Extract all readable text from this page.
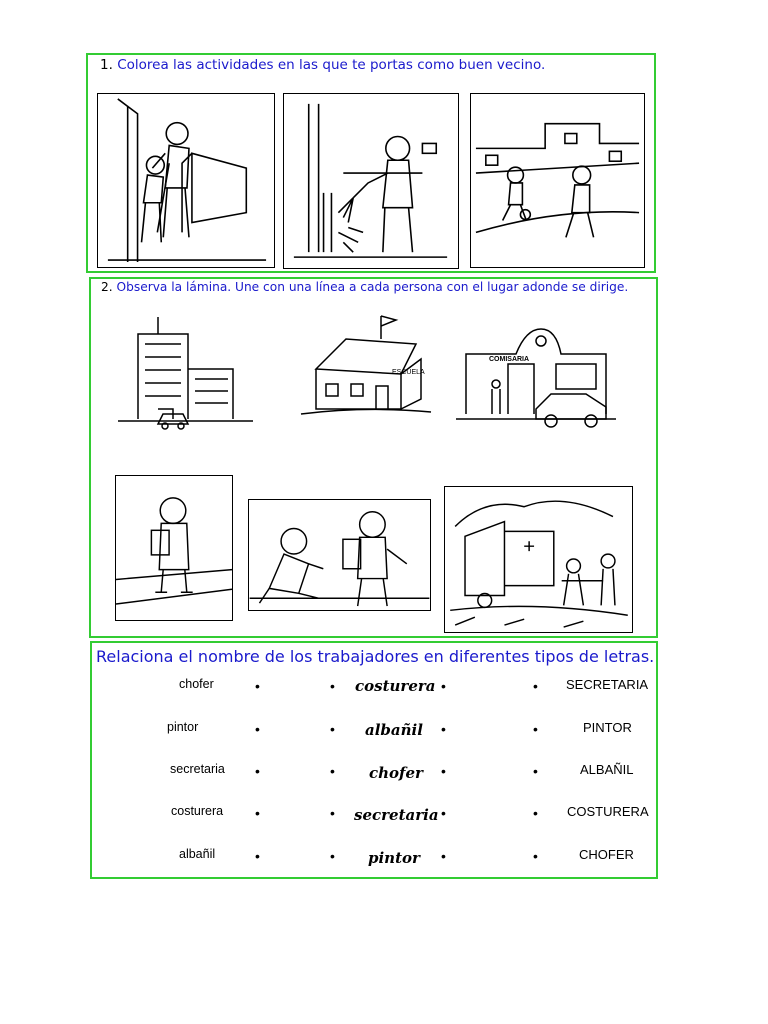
1. Colorea las actividades en las que te portas como buen vecino.
2. Observa la lámina. Une con una línea a cada persona con el lugar adonde se dirige.
ESCUELA
COMISARIA
Relaciona el nombre de los trabajadores en diferentes tipos de letras.
chofer	•	• costurera •	• SECRETARIA
pintor	•	• albañil •	•	PINTOR
secretaria •	• chofer •	•	ALBAÑIL
costurera •	• secretaria •	• COSTURERA
albañil	•	• pintor •	•	CHOFER
